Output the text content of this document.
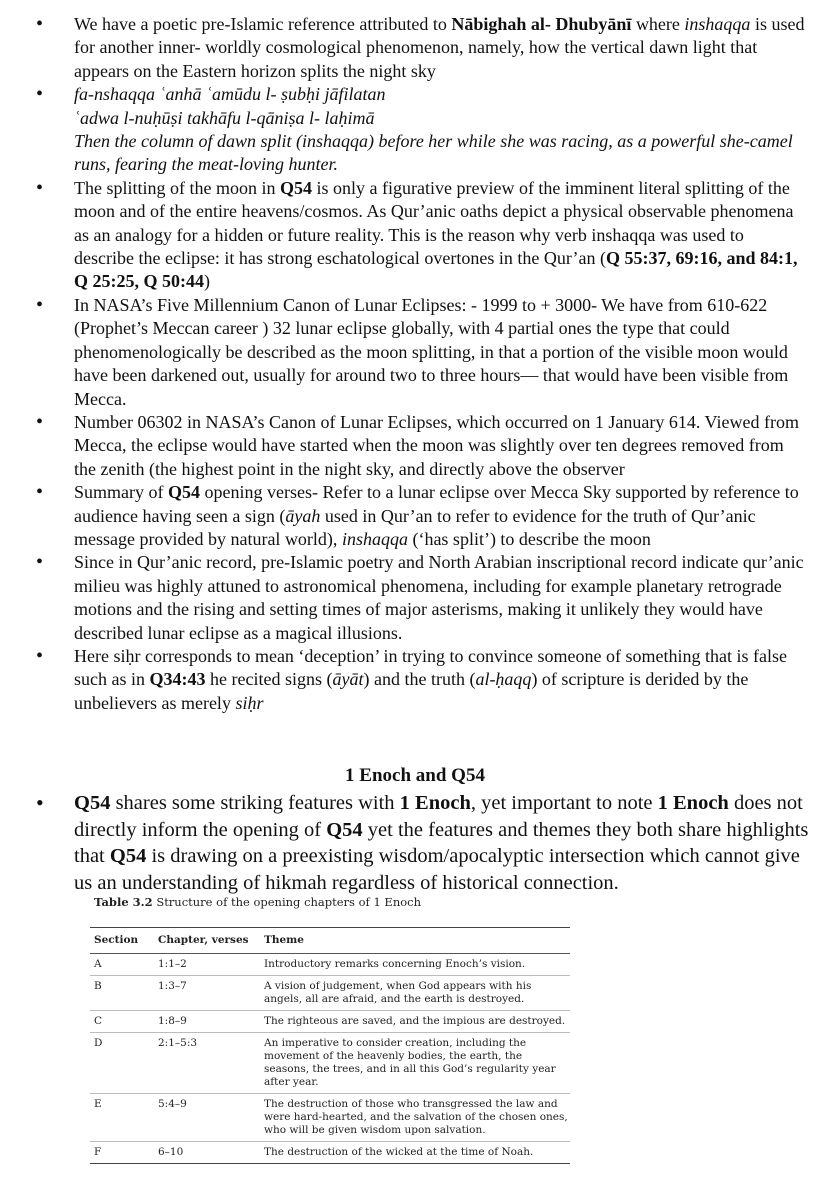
• We have a poetic pre-Islamic reference attributed to Nābighah al- Dhubyānī where inshaqqa is used for another inner- worldly cosmological phenomenon, namely, how the vertical dawn light that appears on the Eastern horizon splits the night sky
• fa-nshaqqa ʿanhā ʿamūdu l- ṣubḥi jāfilatan
ʿadwa l-nuḥūṣi takhāfu l-qāniṣa l- laḥimā
Then the column of dawn split (inshaqqa) before her while she was racing, as a powerful she-camel runs, fearing the meat-loving hunter.
• The splitting of the moon in Q54 is only a figurative preview of the imminent literal splitting of the moon and of the entire heavens/cosmos. As Qur’anic oaths depict a physical observable phenomena as an analogy for a hidden or future reality. This is the reason why verb inshaqqa was used to describe the eclipse: it has strong eschatological overtones in the Qur’an (Q 55:37, 69:16, and 84:1, Q 25:25, Q 50:44)
• In NASA’s Five Millennium Canon of Lunar Eclipses: - 1999 to + 3000- We have from 610-622 (Prophet’s Meccan career ) 32 lunar eclipse globally, with 4 partial ones the type that could phenomenologically be described as the moon splitting, in that a portion of the visible moon would have been darkened out, usually for around two to three hours— that would have been visible from Mecca.
• Number 06302 in NASA’s Canon of Lunar Eclipses, which occurred on 1 January 614. Viewed from Mecca, the eclipse would have started when the moon was slightly over ten degrees removed from the zenith (the highest point in the night sky, and directly above the observer
• Summary of Q54 opening verses- Refer to a lunar eclipse over Mecca Sky supported by reference to audience having seen a sign (āyah used in Qur’an to refer to evidence for the truth of Qur’anic message provided by natural world), inshaqqa (‘has split’) to describe the moon
• Since in Qur’anic record, pre-Islamic poetry and North Arabian inscriptional record indicate qur’anic milieu was highly attuned to astronomical phenomena, including for example planetary retrograde motions and the rising and setting times of major asterisms, making it unlikely they would have described lunar eclipse as a magical illusions.
• Here siḥr corresponds to mean ‘deception’ in trying to convince someone of something that is false such as in Q34:43 he recited signs (āyāt) and the truth (al-ḥaqq) of scripture is derided by the unbelievers as merely siḥr
1 Enoch and Q54
• Q54 shares some striking features with 1 Enoch, yet important to note 1 Enoch does not directly inform the opening of Q54 yet the features and themes they both share highlights that Q54 is drawing on a preexisting wisdom/apocalyptic intersection which cannot give us an understanding of hikmah regardless of historical connection.
Table 3.2 Structure of the opening chapters of 1 Enoch
Section	Chapter, verses	Theme
A	1:1–2	Introductory remarks concerning Enoch’s vision.
B	1:3–7	A vision of judgement, when God appears with his angels, all are afraid, and the earth is destroyed.
C	1:8–9	The righteous are saved, and the impious are destroyed.
D	2:1–5:3	An imperative to consider creation, including the movement of the heavenly bodies, the earth, the seasons, the trees, and in all this God’s regularity year after year.
E	5:4–9	The destruction of those who transgressed the law and were hard-hearted, and the salvation of the chosen ones, who will be given wisdom upon salvation.
F	6–10	The destruction of the wicked at the time of Noah.
